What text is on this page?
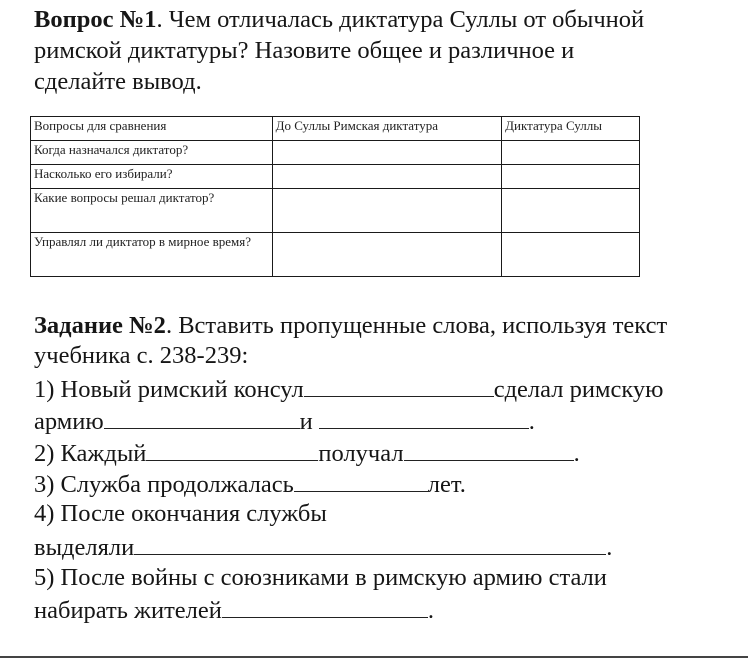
Вопрос №1. Чем отличалась диктатура Суллы от обычной
римской диктатуры? Назовите общее и различное и
сделайте вывод.
Вопросы для сравнения	До Суллы Римская диктатура	Диктатура Суллы
Когда назначался диктатор?		
Насколько его избирали?		
Какие вопросы решал диктатор?		
Управлял ли диктатор в мирное время?		
Задание №2. Вставить пропущенные слова, используя текст
учебника с. 238-239:
1) Новый римский консул	сделал римскую
армию	и	.
2) Каждый	получал	.
3) Служба продолжалась	лет.
4) После окончания службы
выделяли	.
5) После войны с союзниками в римскую армию стали
набирать жителей	.
